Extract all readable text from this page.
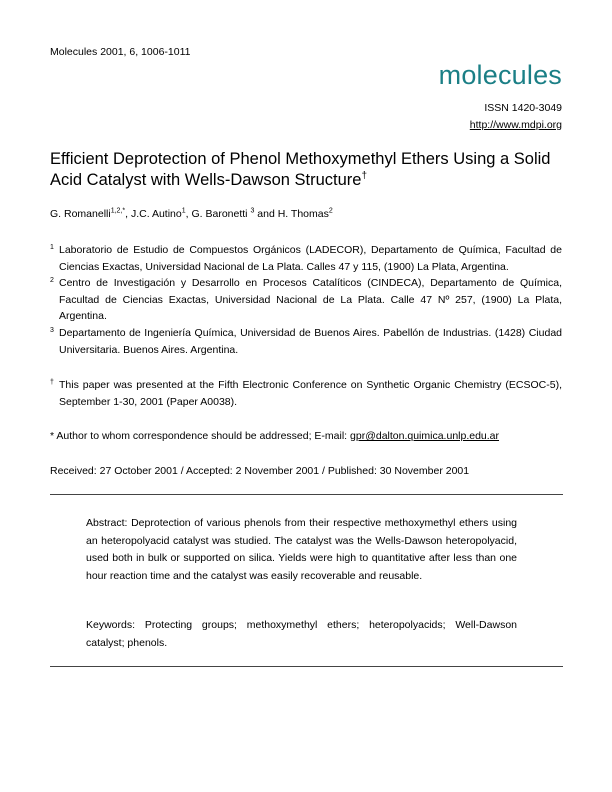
Molecules 2001, 6, 1006-1011
molecules
ISSN 1420-3049
http://www.mdpi.org
Efficient Deprotection of Phenol Methoxymethyl Ethers Using a Solid Acid Catalyst with Wells-Dawson Structure†
G. Romanelli$^{1,2,*}$, J.C. Autino$^1$, G. Baronetti $^3$ and H. Thomas$^2$
1 Laboratorio de Estudio de Compuestos Orgánicos (LADECOR), Departamento de Química, Facultad de Ciencias Exactas, Universidad Nacional de La Plata. Calles 47 y 115, (1900) La Plata, Argentina.
2 Centro de Investigación y Desarrollo en Procesos Catalíticos (CINDECA), Departamento de Química, Facultad de Ciencias Exactas, Universidad Nacional de La Plata. Calle 47 Nº 257, (1900) La Plata, Argentina.
3 Departamento de Ingeniería Química, Universidad de Buenos Aires. Pabellón de Industrias. (1428) Ciudad Universitaria. Buenos Aires. Argentina.
† This paper was presented at the Fifth Electronic Conference on Synthetic Organic Chemistry (ECSOC-5), September 1-30, 2001 (Paper A0038).
* Author to whom correspondence should be addressed; E-mail: gpr@dalton.quimica.unlp.edu.ar
Received: 27 October 2001 / Accepted: 2 November 2001 / Published: 30 November 2001
Abstract: Deprotection of various phenols from their respective methoxymethyl ethers using an heteropolyacid catalyst was studied. The catalyst was the Wells-Dawson heteropolyacid, used both in bulk or supported on silica. Yields were high to quantitative after less than one hour reaction time and the catalyst was easily recoverable and reusable.
Keywords: Protecting groups; methoxymethyl ethers; heteropolyacids; Well-Dawson catalyst; phenols.
